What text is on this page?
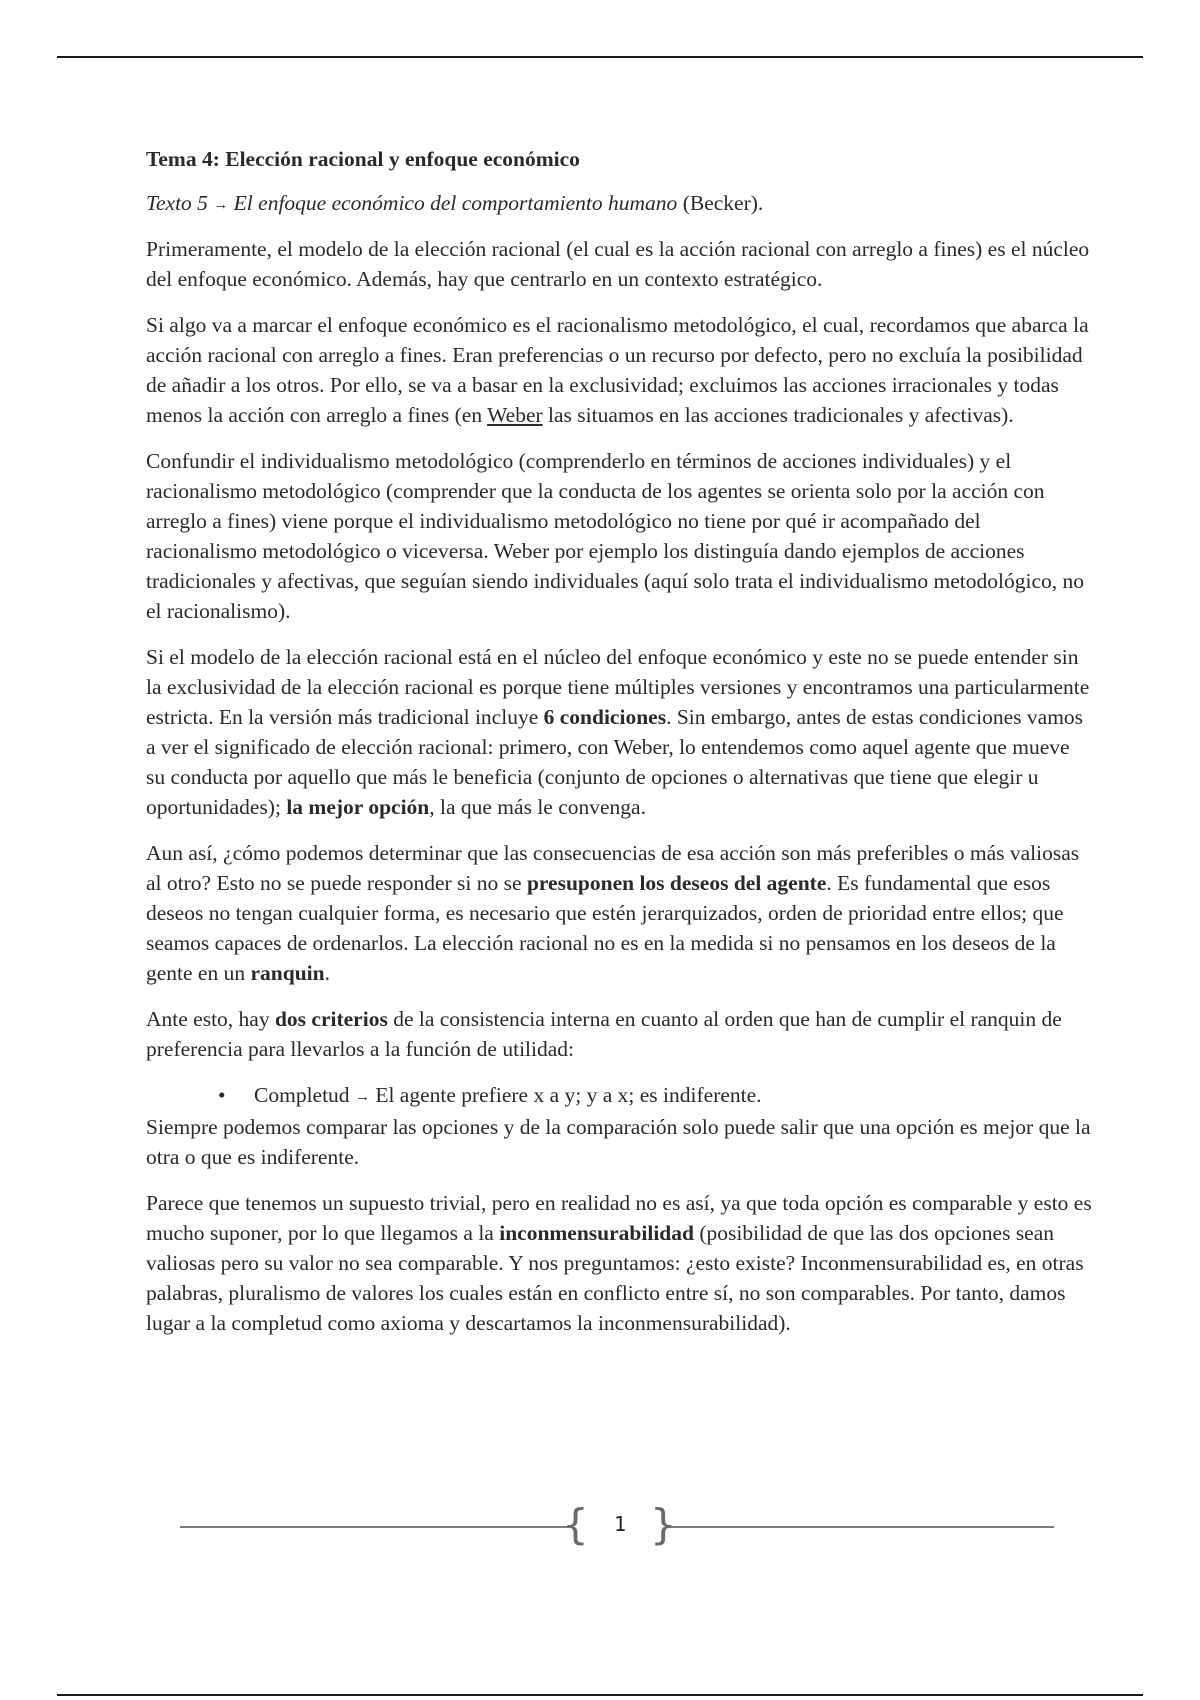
Tema 4: Elección racional y enfoque económico

Texto 5 → El enfoque económico del comportamiento humano (Becker).

Primeramente, el modelo de la elección racional (el cual es la acción racional con arreglo a fines) es el núcleo del enfoque económico. Además, hay que centrarlo en un contexto estratégico.

Si algo va a marcar el enfoque económico es el racionalismo metodológico, el cual, recordamos que abarca la acción racional con arreglo a fines. Eran preferencias o un recurso por defecto, pero no excluía la posibilidad de añadir a los otros. Por ello, se va a basar en la exclusividad; excluimos las acciones irracionales y todas menos la acción con arreglo a fines (en Weber las situamos en las acciones tradicionales y afectivas).

Confundir el individualismo metodológico (comprenderlo en términos de acciones individuales) y el racionalismo metodológico (comprender que la conducta de los agentes se orienta solo por la acción con arreglo a fines) viene porque el individualismo metodológico no tiene por qué ir acompañado del racionalismo metodológico o viceversa. Weber por ejemplo los distinguía dando ejemplos de acciones tradicionales y afectivas, que seguían siendo individuales (aquí solo trata el individualismo metodológico, no el racionalismo).

Si el modelo de la elección racional está en el núcleo del enfoque económico y este no se puede entender sin la exclusividad de la elección racional es porque tiene múltiples versiones y encontramos una particularmente estricta. En la versión más tradicional incluye 6 condiciones. Sin embargo, antes de estas condiciones vamos a ver el significado de elección racional: primero, con Weber, lo entendemos como aquel agente que mueve su conducta por aquello que más le beneficia (conjunto de opciones o alternativas que tiene que elegir u oportunidades); la mejor opción, la que más le convenga.

Aun así, ¿cómo podemos determinar que las consecuencias de esa acción son más preferibles o más valiosas al otro? Esto no se puede responder si no se presuponen los deseos del agente. Es fundamental que esos deseos no tengan cualquier forma, es necesario que estén jerarquizados, orden de prioridad entre ellos; que seamos capaces de ordenarlos. La elección racional no es en la medida si no pensamos en los deseos de la gente en un ranquin.

Ante esto, hay dos criterios de la consistencia interna en cuanto al orden que han de cumplir el ranquin de preferencia para llevarlos a la función de utilidad:

• Completud → El agente prefiere x a y; y a x; es indiferente.

Siempre podemos comparar las opciones y de la comparación solo puede salir que una opción es mejor que la otra o que es indiferente.

Parece que tenemos un supuesto trivial, pero en realidad no es así, ya que toda opción es comparable y esto es mucho suponer, por lo que llegamos a la inconmensurabilidad (posibilidad de que las dos opciones sean valiosas pero su valor no sea comparable. Y nos preguntamos: ¿esto existe? Inconmensurabilidad es, en otras palabras, pluralismo de valores los cuales están en conflicto entre sí, no son comparables. Por tanto, damos lugar a la completud como axioma y descartamos la inconmensurabilidad).

{	1 }
